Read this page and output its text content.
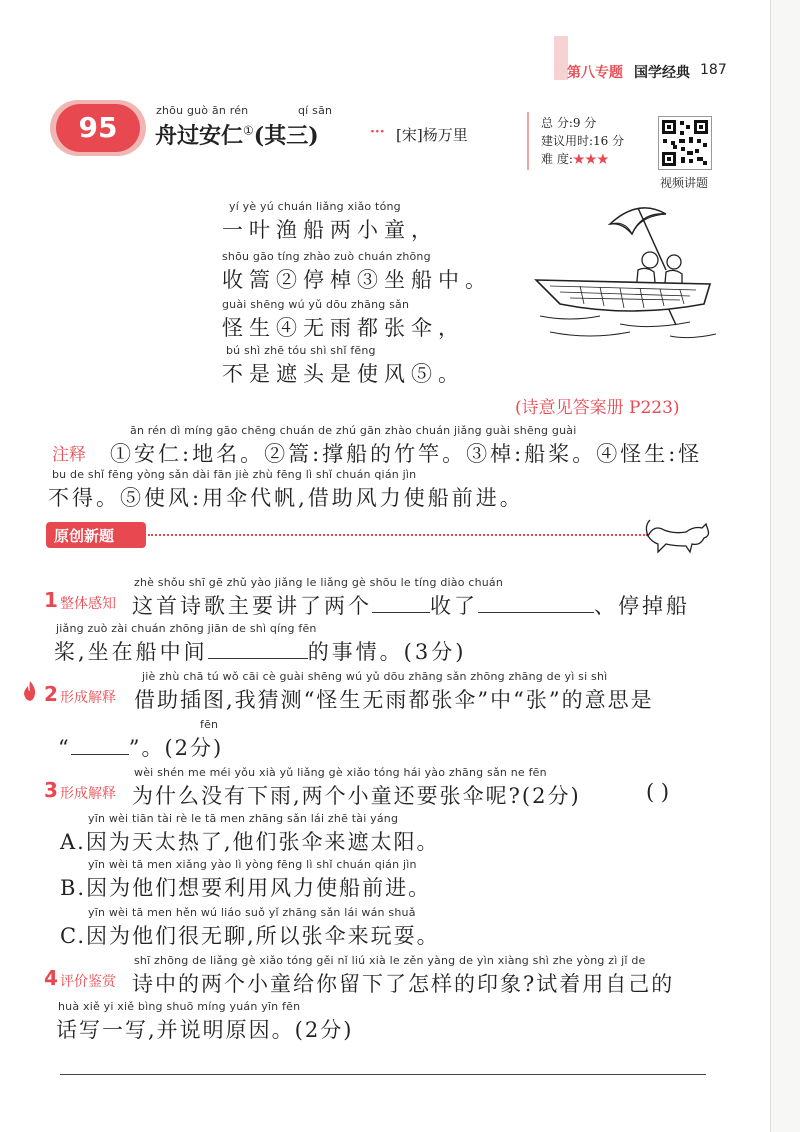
第八专题 国学经典 187
95
zhōu guò ān rén	qí sān
舟过安仁①(其三)	··· [宋]杨万里
总 分:9 分
建议用时:16 分
难 度:★★★
视频讲题
yí yè yú chuán liǎng xiǎo tóng
一叶渔船两小童，
shōu gāo tíng zhào zuò chuán zhōng
收篙②停棹③坐船中。
guài shēng wú yǔ dōu zhāng sǎn
怪生④无雨都张伞，
bú shì zhē tóu shì shǐ fēng
不是遮头是使风⑤。
(诗意见答案册 P223)
ān rén dì míng gāo chēng chuán de zhú gān zhào chuán jiǎng guài shēng guài
注释 ①安仁:地名。②篙:撑船的竹竿。③棹:船桨。④怪生:怪
bu de shǐ fēng yòng sǎn dài fān jiè zhù fēng lì shǐ chuán qián jìn
不得。⑤使风:用伞代帆,借助风力使船前进。
原创新题
zhè shǒu shī gē zhǔ yào jiǎng le liǎng gè shōu le tíng diào chuán
1 整体感知 这首诗歌主要讲了两个	收了	、停掉船
jiǎng zuò zài chuán zhōng jiān de shì qíng fēn
桨,坐在船中间	的事情。(3分)
jiè zhù chā tú wǒ cāi cè guài shēng wú yǔ dōu zhāng sǎn zhōng zhāng de yì si shì
2 形成解释 借助插图,我猜测“怪生无雨都张伞”中“张”的意思是
fēn
“	”。(2分)
wèi shén me méi yǒu xià yǔ liǎng gè xiǎo tóng hái yào zhāng sǎn ne fēn
3 形成解释 为什么没有下雨,两个小童还要张伞呢?(2分)	( )
yīn wèi tiān tài rè le tā men zhāng sǎn lái zhē tài yáng
A.因为天太热了,他们张伞来遮太阳。
yīn wèi tā men xiǎng yào lì yòng fēng lì shǐ chuán qián jìn
B.因为他们想要利用风力使船前进。
yīn wèi tā men hěn wú liáo suǒ yǐ zhāng sǎn lái wán shuǎ
C.因为他们很无聊,所以张伞来玩耍。
shī zhōng de liǎng gè xiǎo tóng gěi nǐ liú xià le zěn yàng de yìn xiàng shì zhe yòng zì jǐ de
4 评价鉴赏 诗中的两个小童给你留下了怎样的印象?试着用自己的
huà xiě yi xiě bìng shuō míng yuán yīn fēn
话写一写,并说明原因。(2分)
